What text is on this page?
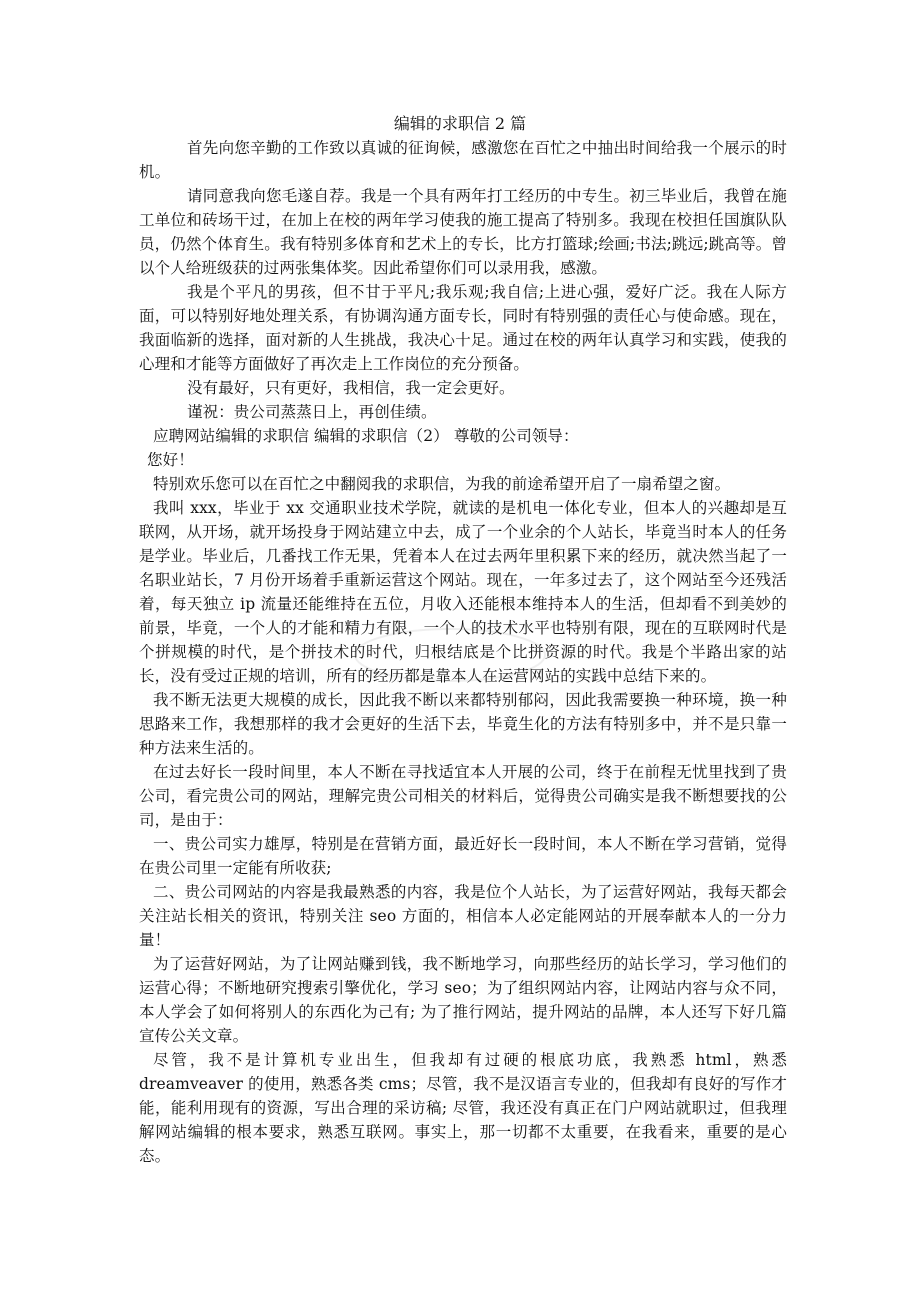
编辑的求职信 2 篇

首先向您辛勤的工作致以真诚的征询候，感激您在百忙之中抽出时间给我一个展示的时机。

请同意我向您毛遂自荐。我是一个具有两年打工经历的中专生。初三毕业后，我曾在施工单位和砖场干过，在加上在校的两年学习使我的施工提高了特别多。我现在校担任国旗队队员，仍然个体育生。我有特别多体育和艺术上的专长，比方打篮球;绘画;书法;跳远;跳高等。曾以个人给班级获的过两张集体奖。因此希望你们可以录用我，感激。

我是个平凡的男孩，但不甘于平凡;我乐观;我自信;上进心强，爱好广泛。我在人际方面，可以特别好地处理关系，有协调沟通方面专长，同时有特别强的责任心与使命感。现在，我面临新的选择，面对新的人生挑战，我决心十足。通过在校的两年认真学习和实践，使我的心理和才能等方面做好了再次走上工作岗位的充分预备。

没有最好，只有更好，我相信，我一定会更好。

谨祝：贵公司蒸蒸日上，再创佳绩。

应聘网站编辑的求职信 编辑的求职信（2） 尊敬的公司领导：

您好！

特别欢乐您可以在百忙之中翻阅我的求职信，为我的前途希望开启了一扇希望之窗。

我叫 xxx，毕业于 xx 交通职业技术学院，就读的是机电一体化专业，但本人的兴趣却是互联网，从开场，就开场投身于网站建立中去，成了一个业余的个人站长，毕竟当时本人的任务是学业。毕业后，几番找工作无果，凭着本人在过去两年里积累下来的经历，就决然当起了一名职业站长，7 月份开场着手重新运营这个网站。现在，一年多过去了，这个网站至今还残活着，每天独立 ip 流量还能维持在五位，月收入还能根本维持本人的生活，但却看不到美妙的前景，毕竟，一个人的才能和精力有限，一个人的技术水平也特别有限，现在的互联网时代是个拼规模的时代，是个拼技术的时代，归根结底是个比拼资源的时代。我是个半路出家的站长，没有受过正规的培训，所有的经历都是靠本人在运营网站的实践中总结下来的。

我不断无法更大规模的成长，因此我不断以来都特别郁闷，因此我需要换一种环境，换一种思路来工作，我想那样的我才会更好的生活下去，毕竟生化的方法有特别多中，并不是只靠一种方法来生活的。

在过去好长一段时间里，本人不断在寻找适宜本人开展的公司，终于在前程无忧里找到了贵公司，看完贵公司的网站，理解完贵公司相关的材料后，觉得贵公司确实是我不断想要找的公司，是由于：

一、贵公司实力雄厚，特别是在营销方面，最近好长一段时间，本人不断在学习营销，觉得在贵公司里一定能有所收获;

二、贵公司网站的内容是我最熟悉的内容，我是位个人站长，为了运营好网站，我每天都会关注站长相关的资讯，特别关注 seo 方面的，相信本人必定能网站的开展奉献本人的一分力量！

为了运营好网站，为了让网站赚到钱，我不断地学习，向那些经历的站长学习，学习他们的运营心得；不断地研究搜索引擎优化，学习 seo；为了组织网站内容，让网站内容与众不同，本人学会了如何将别人的东西化为己有; 为了推行网站，提升网站的品牌，本人还写下好几篇宣传公关文章。

尽管，我不是计算机专业出生，但我却有过硬的根底功底，我熟悉 html，熟悉 dreamveaver 的使用，熟悉各类 cms；尽管，我不是汉语言专业的，但我却有良好的写作才能，能利用现有的资源，写出合理的采访稿; 尽管，我还没有真正在门户网站就职过，但我理解网站编辑的根本要求，熟悉互联网。事实上，那一切都不太重要，在我看来，重要的是心态。
